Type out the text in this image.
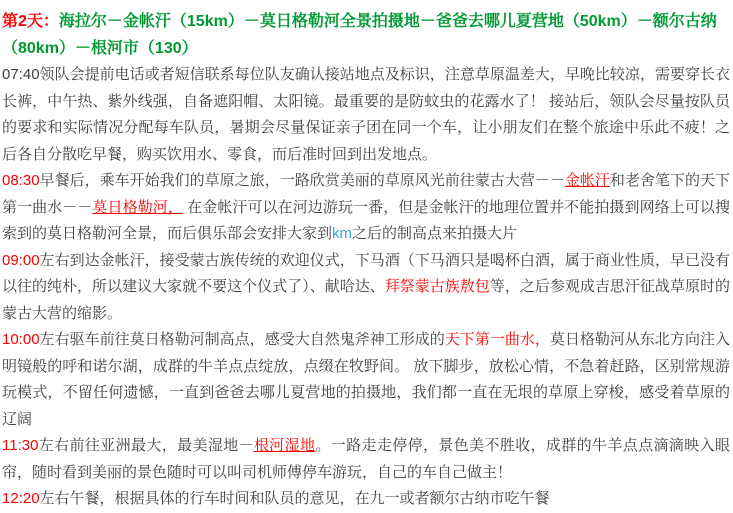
第2天：海拉尔－金帐汗（15km）－莫日格勒河全景拍摄地－爸爸去哪儿夏营地（50km）－额尔古纳（80km）－根河市（130）

07:40领队会提前电话或者短信联系每位队友确认接站地点及标识，注意草原温差大，早晚比较凉，需要穿长衣长裤，中午热、紫外线强，自备遮阳帽、太阳镜。最重要的是防蚊虫的花露水了！ 接站后，领队会尽量按队员的要求和实际情况分配每车队员，暑期会尽量保证亲子团在同一个车，让小朋友们在整个旅途中乐此不疲！之后各自分散吃早餐，购买饮用水、零食，而后准时回到出发地点。

08:30早餐后，乘车开始我们的草原之旅，一路欣赏美丽的草原风光前往蒙古大营－－金帐汗和老舍笔下的天下第一曲水－－莫日格勒河， 在金帐汗可以在河边游玩一番，但是金帐汗的地理位置并不能拍摄到网络上可以搜索到的莫日格勒河全景，而后俱乐部会安排大家到km之后的制高点来拍摄大片

09:00左右到达金帐汗，接受蒙古族传统的欢迎仪式，下马酒（下马酒只是喝杯白酒，属于商业性质，早已没有以往的纯朴，所以建议大家就不要这个仪式了）、献哈达、拜祭蒙古族敖包等，之后参观成吉思汗征战草原时的蒙古大营的缩影。

10:00左右驱车前往莫日格勒河制高点，感受大自然鬼斧神工形成的天下第一曲水，莫日格勒河从东北方向注入明镜般的呼和诺尔湖，成群的牛羊点点绽放，点缀在牧野间。 放下脚步，放松心情，不急着赶路，区别常规游玩模式，不留任何遗憾，一直到爸爸去哪儿夏营地的拍摄地，我们都一直在无垠的草原上穿梭，感受着草原的辽阔

11:30左右前往亚洲最大，最美湿地－根河湿地。一路走走停停，景色美不胜收，成群的牛羊点点滴滴映入眼帘，随时看到美丽的景色随时可以叫司机师傅停车游玩，自己的车自己做主！

12:20左右午餐，根据具体的行车时间和队员的意见，在九一或者额尔古纳市吃午餐
